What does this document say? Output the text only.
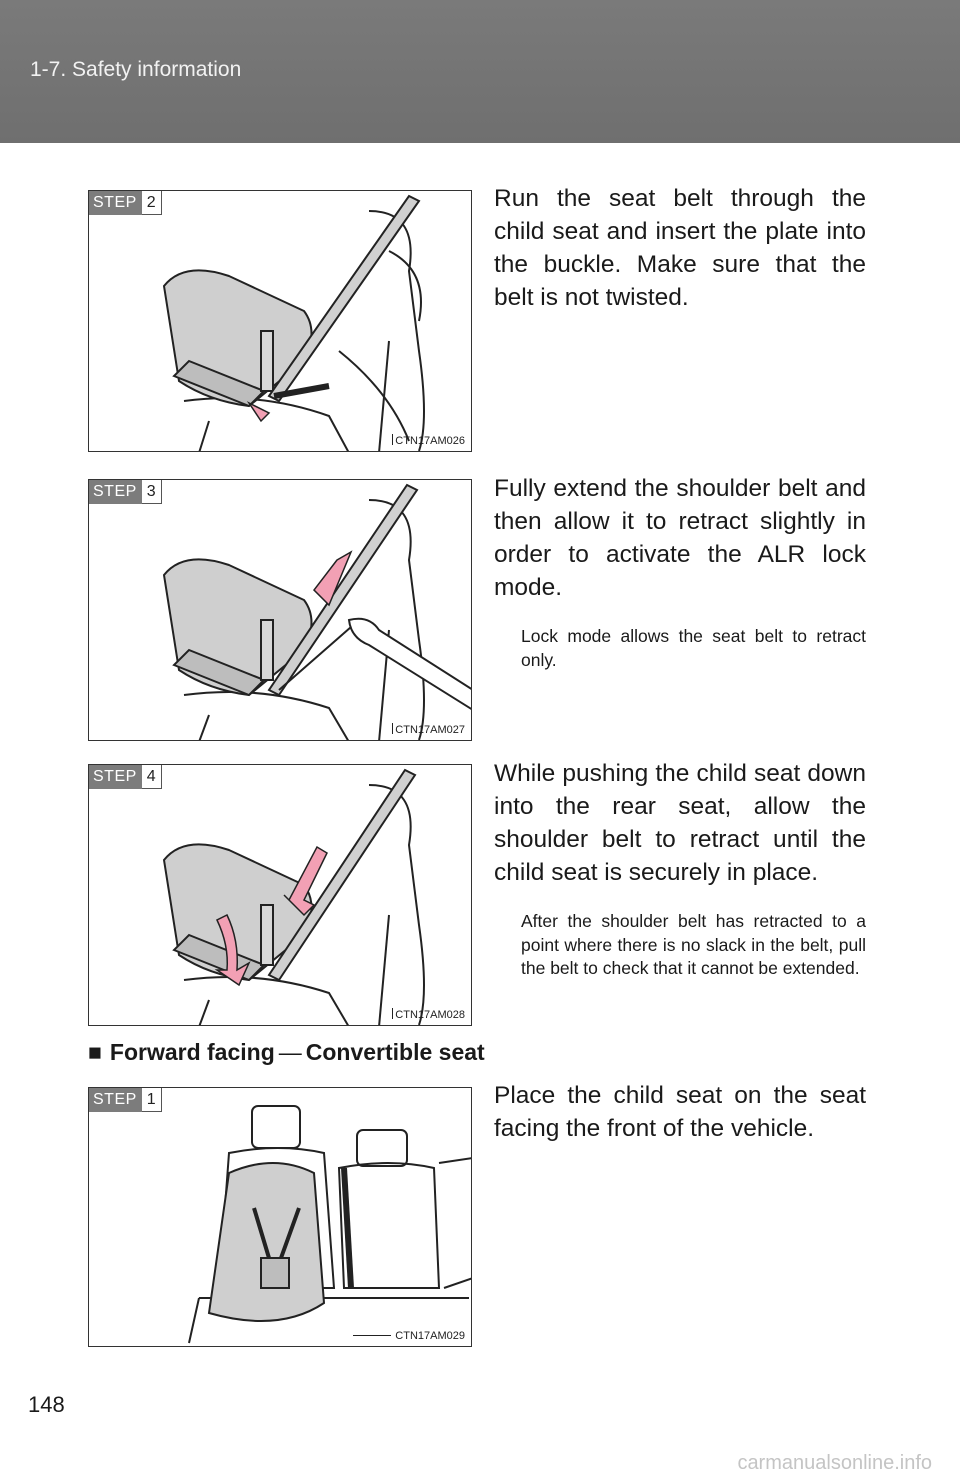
1-7. Safety information
STEP 2
CTN17AM026
Run the seat belt through the child seat and insert the plate into the buckle. Make sure that the belt is not twisted.
STEP 3
CTN17AM027
Fully extend the shoulder belt and then allow it to retract slightly in order to activate the ALR lock mode.
Lock mode allows the seat belt to retract only.
STEP 4
CTN17AM028
While pushing the child seat down into the rear seat, allow the shoulder belt to retract until the child seat is securely in place.
After the shoulder belt has retracted to a point where there is no slack in the belt, pull the belt to check that it cannot be extended.
■ Forward facing — Convertible seat
STEP 1
CTN17AM029
Place the child seat on the seat facing the front of the vehicle.
148
carmanualsonline.info
